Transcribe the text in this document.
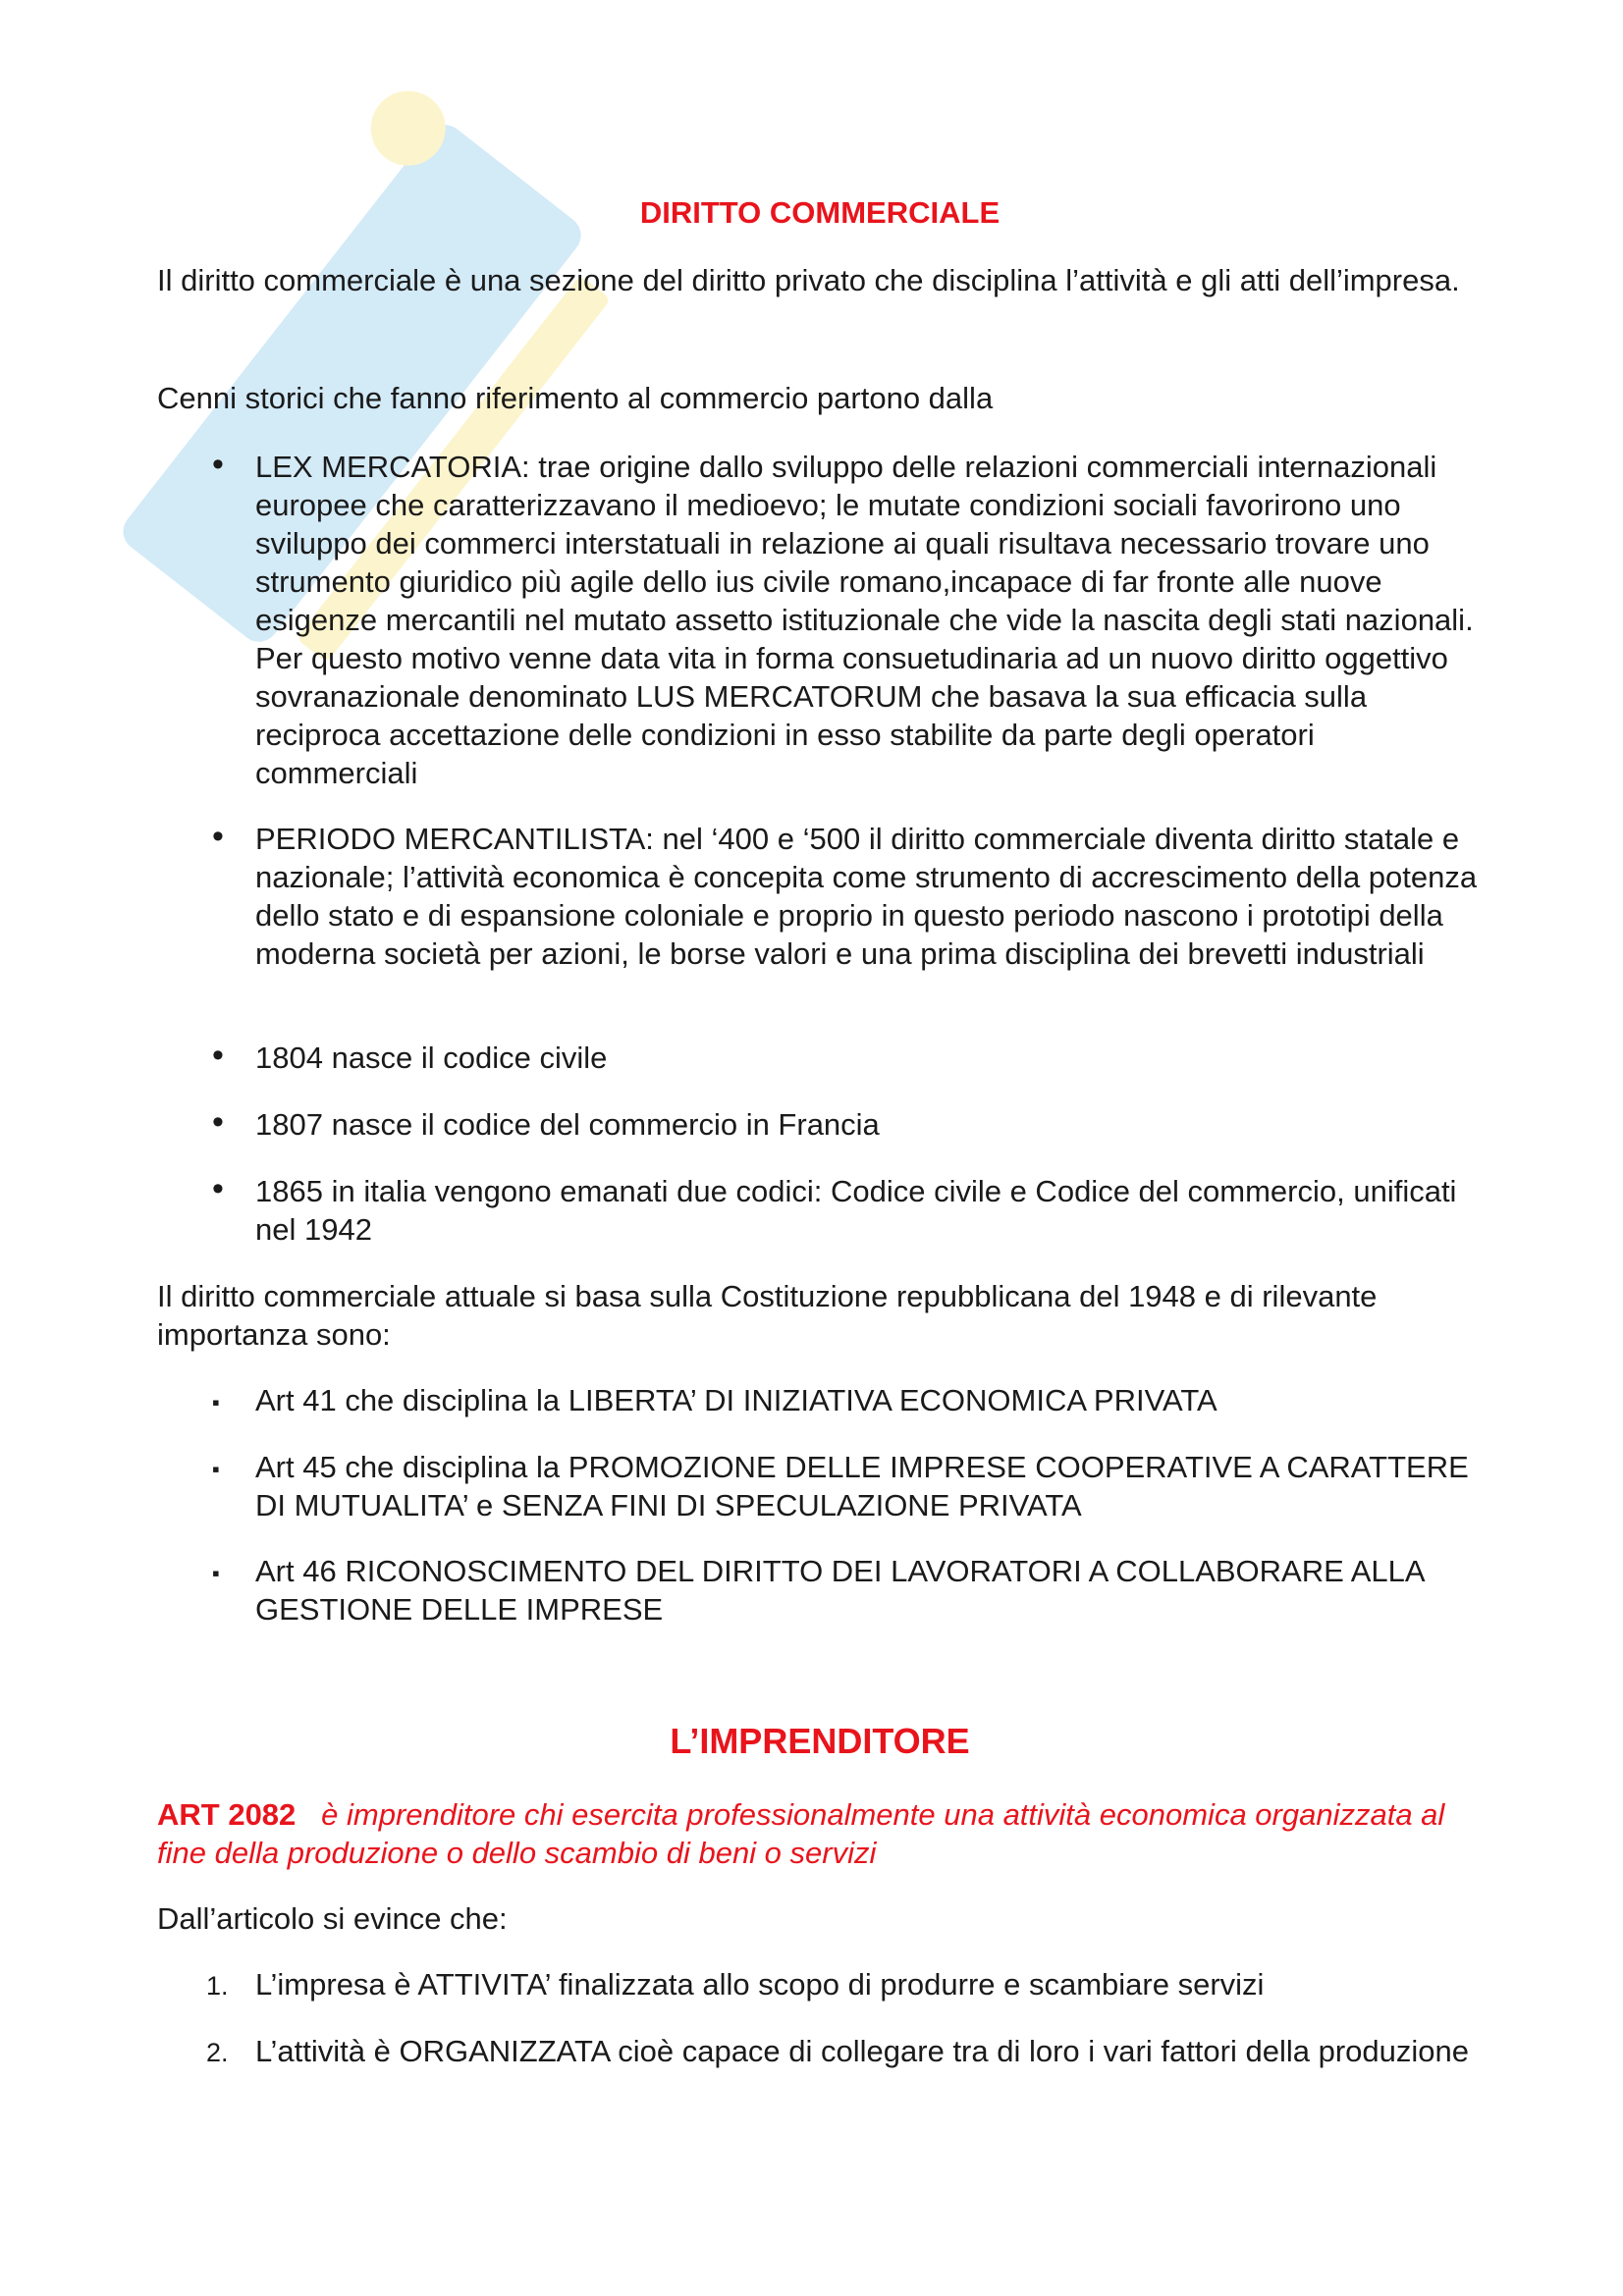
DIRITTO COMMERCIALE

Il diritto commerciale è una sezione del diritto privato che disciplina l’attività e gli atti dell’impresa.

Cenni storici che fanno riferimento al commercio partono dalla

•	LEX MERCATORIA: trae origine dallo sviluppo delle relazioni commerciali internazionali europee che caratterizzavano il medioevo; le mutate condizioni sociali favorirono uno sviluppo dei commerci interstatuali in relazione ai quali risultava necessario trovare uno strumento giuridico più agile dello ius civile romano,incapace di far fronte alle nuove esigenze mercantili nel mutato assetto istituzionale che vide la nascita degli stati nazionali. Per questo motivo venne data vita in forma consuetudinaria ad un nuovo diritto oggettivo sovranazionale denominato LUS MERCATORUM che basava la sua efficacia sulla reciproca accettazione delle condizioni in esso stabilite da parte degli operatori commerciali

•	PERIODO MERCANTILISTA: nel ‘400 e ‘500 il diritto commerciale diventa diritto statale e nazionale; l’attività economica è concepita come strumento di accrescimento della potenza dello stato e di espansione coloniale e proprio in questo periodo nascono i prototipi della moderna società per azioni, le borse valori e una prima disciplina dei brevetti industriali

•	1804 nasce il codice civile

•	1807 nasce il codice del commercio in Francia

•	1865 in italia vengono emanati due codici: Codice civile e Codice del commercio, unificati nel 1942

Il diritto commerciale attuale si basa sulla Costituzione repubblicana del 1948 e di rilevante importanza sono:

▪	Art 41 che disciplina la LIBERTA’ DI INIZIATIVA ECONOMICA PRIVATA

▪	Art 45 che disciplina la PROMOZIONE DELLE IMPRESE COOPERATIVE A CARATTERE DI MUTUALITA’ e SENZA FINI DI SPECULAZIONE PRIVATA

▪	Art 46 RICONOSCIMENTO DEL DIRITTO DEI LAVORATORI A COLLABORARE ALLA GESTIONE DELLE IMPRESE

L’IMPRENDITORE

ART 2082 è imprenditore chi esercita professionalmente una attività economica organizzata al fine della produzione o dello scambio di beni o servizi

Dall’articolo si evince che:

1. L’impresa è ATTIVITA’ finalizzata allo scopo di produrre e scambiare servizi

2. L’attività è ORGANIZZATA cioè capace di collegare tra di loro i vari fattori della produzione
